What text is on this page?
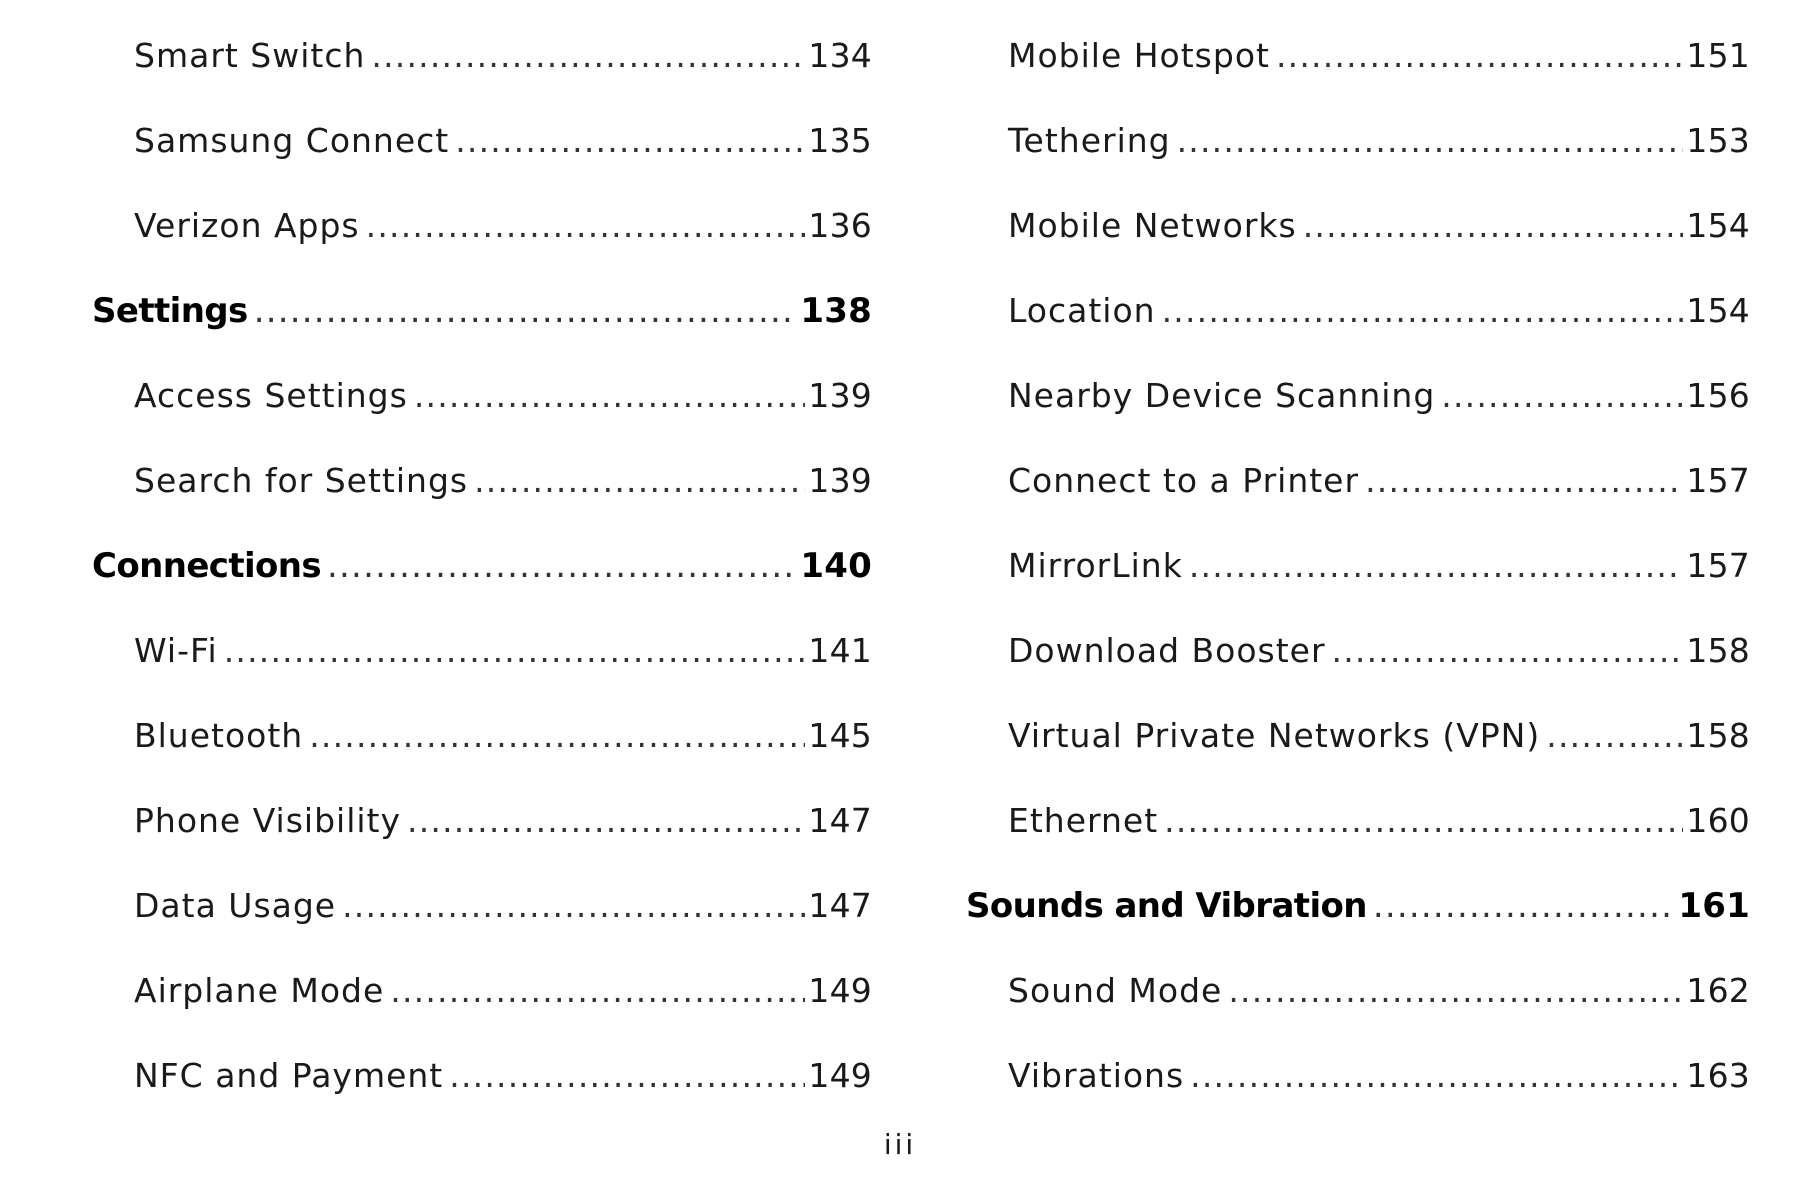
Smart Switch .....	134
Samsung Connect .....	135
Verizon Apps .....	136
Settings .....	138
Access Settings .....	139
Search for Settings .....	139
Connections .....	140
Wi-Fi .....	141
Bluetooth .....	145
Phone Visibility .....	147
Data Usage .....	147
Airplane Mode .....	149
NFC and Payment .....	149
Mobile Hotspot .....	151
Tethering .....	153
Mobile Networks .....	154
Location .....	154
Nearby Device Scanning .....	156
Connect to a Printer .....	157
MirrorLink .....	157
Download Booster .....	158
Virtual Private Networks (VPN) .....	158
Ethernet .....	160
Sounds and Vibration .....	161
Sound Mode .....	162
Vibrations .....	163
iii
